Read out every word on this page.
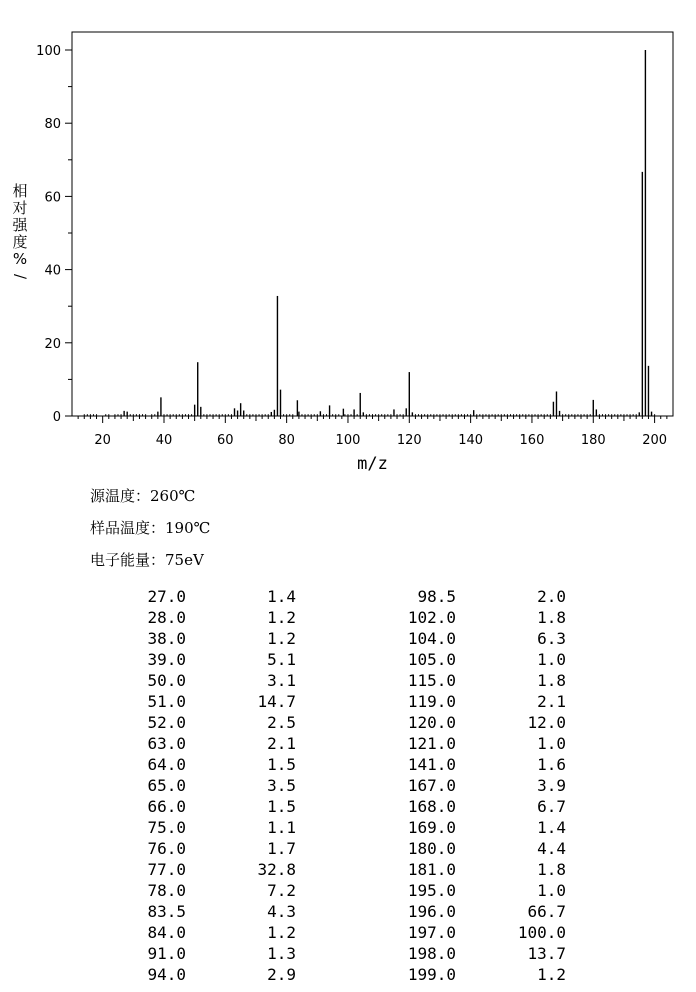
20	40	60	80	100	120	140	160	180	200
0
20
40
60
80
100
m/z
相
对
强
度
%
/
源温度：260℃
样品温度：190℃
电子能量：75eV
27.0	1.4	98.5	2.0
28.0	1.2	102.0	1.8
38.0	1.2	104.0	6.3
39.0	5.1	105.0	1.0
50.0	3.1	115.0	1.8
51.0	14.7	119.0	2.1
52.0	2.5	120.0	12.0
63.0	2.1	121.0	1.0
64.0	1.5	141.0	1.6
65.0	3.5	167.0	3.9
66.0	1.5	168.0	6.7
75.0	1.1	169.0	1.4
76.0	1.7	180.0	4.4
77.0	32.8	181.0	1.8
78.0	7.2	195.0	1.0
83.5	4.3	196.0	66.7
84.0	1.2	197.0	100.0
91.0	1.3	198.0	13.7
94.0	2.9	199.0	1.2
